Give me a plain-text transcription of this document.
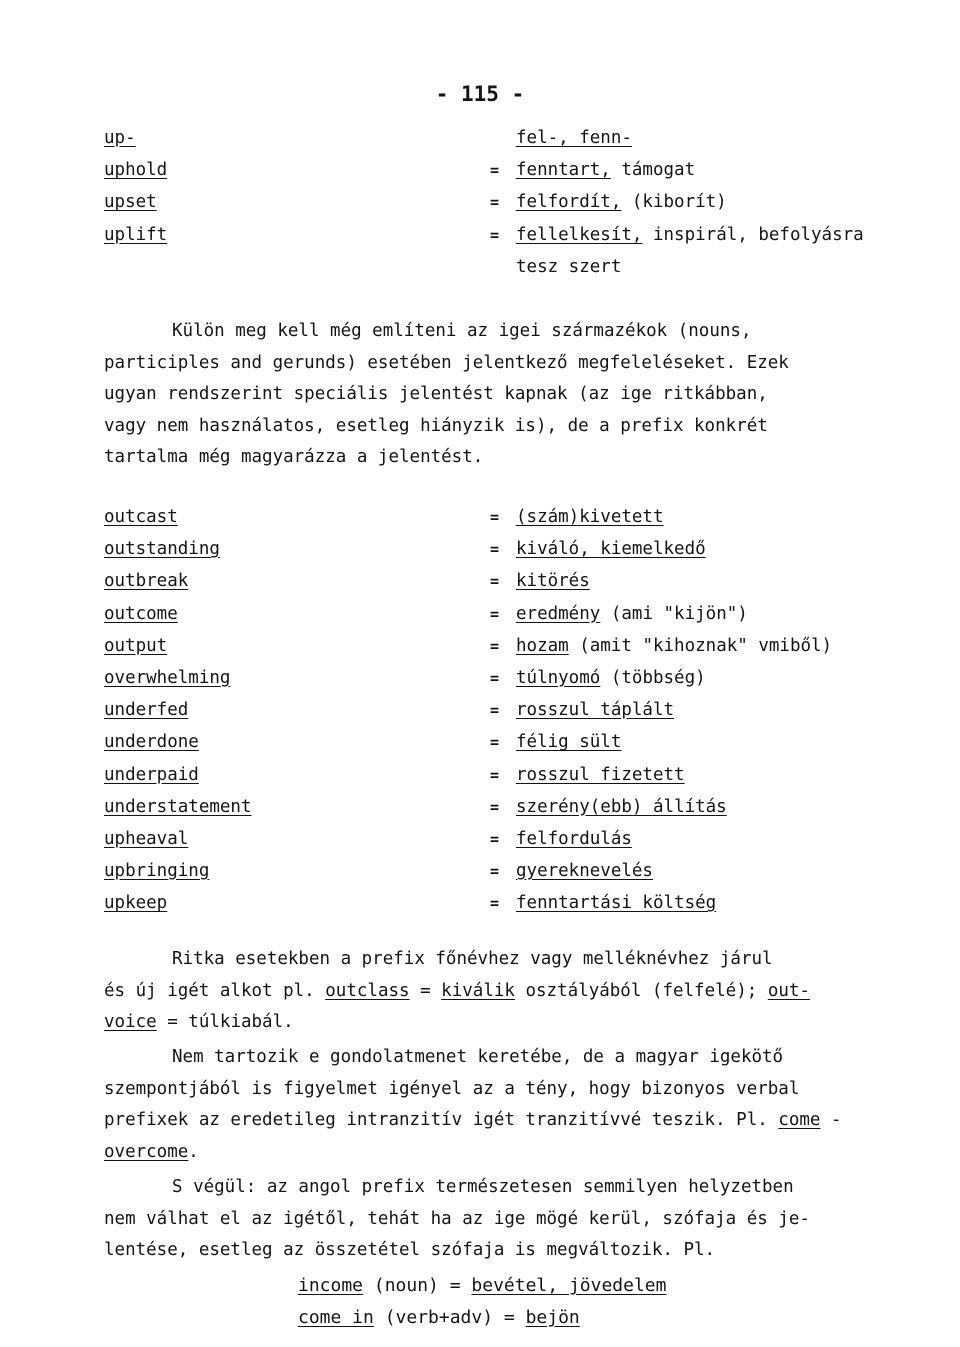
- 115 -
up-	fel-, fenn-
uphold	= fenntart, támogat
upset	= felfordít, (kiborít)
uplift	= fellelkesít, inspirál, befolyásra
tesz szert
Külön meg kell még említeni az igei származékok (nouns,
participles and gerunds) esetében jelentkező megfeleléseket. Ezek
ugyan rendszerint speciális jelentést kapnak (az ige ritkábban,
vagy nem használatos, esetleg hiányzik is), de a prefix konkrét
tartalma még magyarázza a jelentést.
outcast	= (szám)kivetett
outstanding	= kiváló, kiemelkedő
outbreak	= kitörés
outcome	= eredmény (ami "kijön")
output	= hozam (amit "kihoznak" vmiből)
overwhelming	= túlnyomó (többség)
underfed	= rosszul táplált
underdone	= félig sült
underpaid	= rosszul fizetett
understatement	= szerény(ebb) állítás
upheaval	= felfordulás
upbringing	= gyereknevelés
upkeep	= fenntartási költség
Ritka esetekben a prefix főnévhez vagy melléknévhez járul
és új igét alkot pl. outclass = kiválik osztályából (felfelé); out-
voice = túlkiabál.
Nem tartozik e gondolatmenet keretébe, de a magyar igekötő
szempontjából is figyelmet igényel az a tény, hogy bizonyos verbal
prefixek az eredetileg intranzitív igét tranzitívvé teszik. Pl. come -
overcome.
S végül: az angol prefix természetesen semmilyen helyzetben
nem válhat el az igétől, tehát ha az ige mögé kerül, szófaja és je-
lentése, esetleg az összetétel szófaja is megváltozik. Pl.
income (noun) = bevétel, jövedelem
come in (verb+adv) = bejön
